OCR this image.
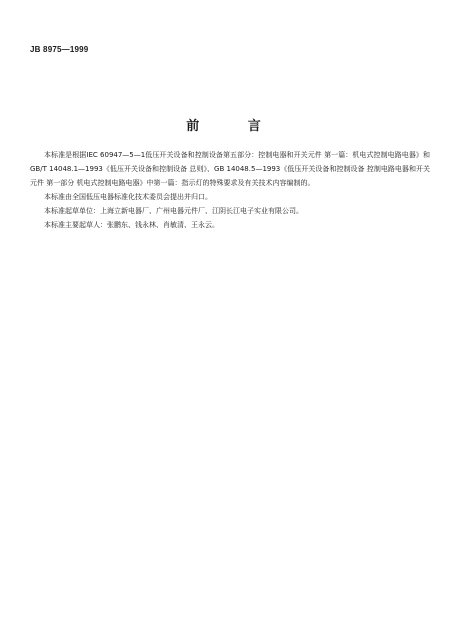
JB 8975—1999
前 言

本标准是根据IEC 60947—5—1低压开关设备和控制设备第五部分：控制电器和开关元件 第一篇：机电式控制电路电器》和GB/T 14048.1—1993《低压开关设备和控制设备 总则》、GB 14048.5—1993《低压开关设备和控制设备 控制电路电器和开关元件 第一部分 机电式控制电路电器》中第一篇：指示灯的特殊要求及有关技术内容编制的。

本标准由全国低压电器标准化技术委员会提出并归口。

本标准起草单位：上海立新电器厂、广州电器元件厂、江阴长江电子实业有限公司。

本标准主要起草人：张鹏东、钱永林、肖敏清、王永云。
